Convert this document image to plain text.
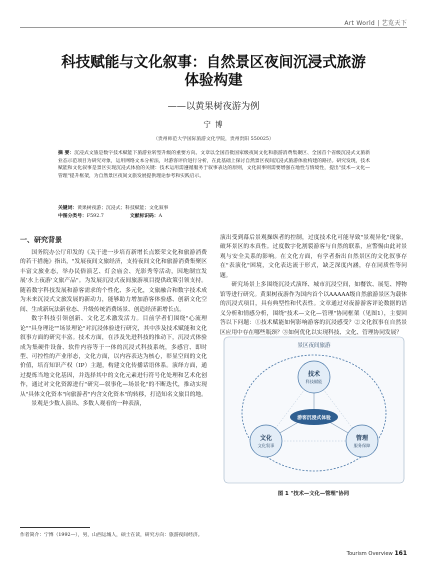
Art World | 艺览天下
科技赋能与文化叙事：自然景区夜间沉浸式旅游
体验构建
——以黄果树夜游为例
宁 博
（贵州师范大学国际旅游文化学院，贵州贵阳 550025）
摘 要：沉浸式文旅是数字技术赋能下旅游业转型升级的重要方向。文章以全国首批国家级夜间文化和旅游消费集聚区、全国首个省级沉浸式文旅新业态示范项目为研究对象，运用网络文本分析法，对游客评价进行分析，在此基础上探讨自然景区夜间沉浸式旅游体验构建的路径。研究发现，技术赋能和文化叙事是景区实现沉浸式体验的关键：技术运用需遵循服务于叙事表达的原则，文化叙事则需要增强在地性与情境性，提出"技术—文化—管理"提升框架，为自然景区夜间文旅发展提供理论参考和实践启示。
关键词：黄果树夜游；沉浸式；科技赋能；文化叙事
中图分类号：F592.7	文献标识码：A
一、研究背景

国务院办公厅印发的《关于进一步培育新增长点繁荣文化和旅游消费的若干措施》指出，"发展夜间文旅经济，支持夜间文化和旅游消费集聚区丰富文旅业态，举办民俗演艺、灯会庙会、光影秀等活动，因地制宜发展'水上夜游'文旅产品"。为发展沉浸式夜间旅游项目提供政策引领支持。随着数字科技发展和游客需求的个性化、多元化，文旅融合和数字技术成为未来沉浸式文旅发展的新动力，能够助力增加游客体验感、创新文化空间、生成新玩法新业态、升级传统消费场景、创造经济新增长点。

数字科技引领创新、文化艺术激发活力。目前学者们围绕"心流理论""具身理论""场景理论"对沉浸体验进行研究，其中涉及技术赋能和文化叙事方面的研究丰富。技术方面，在涉及先进科技的推动下，沉浸式体验成为集硬件设备、软件内容等于一体的沉浸式科技系统，多感官、即时型、可控性的产业形态，文化方面，以内容表达为核心，彰显空间的文化价值，培育知识产权（IP）主题，构建文化传播话语体系。演绎方面，通过提炼当地文化基因，并选择其中的文化元素进行符号化处理和艺术化创作，通过对文化资源进行"研究—叙事化—场景化"的不断迭代，推动实现从"具体文化资本"向旅游者"内含文化资本"的转移，打造知名文旅目的地。

景观是少数人演出、多数人观看的一种表演，

演出受到幕后景观操纵者的控制，过度技术化可能导致"景观异化"现象，破坏景区的本真性。过度数字化割裂游客与自然的联系，应警惕由此对景观与安全关系的影响。在文化方面，有学者指出自然景区的文化叙事存在"表演化"困境，文化表达流于形式，缺乏深度内涵，存在同质性等问题。

研究场景上多围绕沉浸式演绎、城市沉浸空间，如餐饮、展览、博物馆等进行研究。黄果树夜游作为国内首个以AAAAA级自然旅游景区为载体的沉浸式项目，具有典型性和代表性。文章通过对夜游游客评论数据的语义分析和情感分析，围绕"技术—文化—管理"协同框架（见图1），主要回答以下问题：①技术赋能如何影响游客的沉浸感受？②文化叙事在自然景区应用中存在哪些瓶颈？③如何优化以实现科技、文化、管理协同发展？

景区夜间旅游
技术
科技赋能
文化
文化叙事
管理
服务保障
游客沉浸式体验
图 1 "技术—文化—管理"协同
作者简介：宁博（1992—），男，山西运城人，硕士在读，研究方向：旅游夜间经济。
Tourism Overview 161
